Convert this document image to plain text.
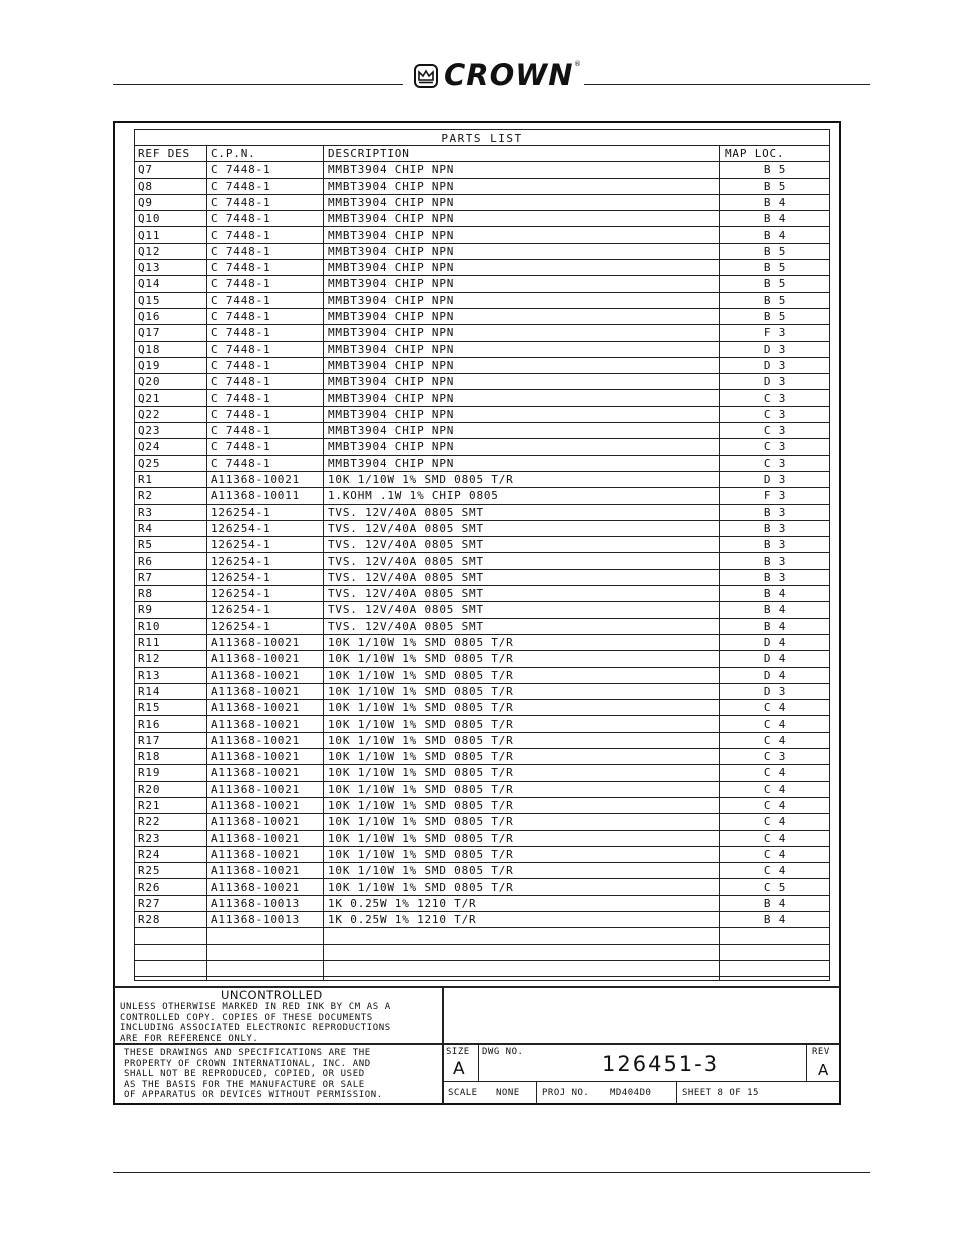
CROWN ®
PARTS LIST
REF DES	C.P.N.	DESCRIPTION	MAP LOC.
Q7	C 7448-1	MMBT3904 CHIP NPN	B 5
Q8	C 7448-1	MMBT3904 CHIP NPN	B 5
Q9	C 7448-1	MMBT3904 CHIP NPN	B 4
Q10	C 7448-1	MMBT3904 CHIP NPN	B 4
Q11	C 7448-1	MMBT3904 CHIP NPN	B 4
Q12	C 7448-1	MMBT3904 CHIP NPN	B 5
Q13	C 7448-1	MMBT3904 CHIP NPN	B 5
Q14	C 7448-1	MMBT3904 CHIP NPN	B 5
Q15	C 7448-1	MMBT3904 CHIP NPN	B 5
Q16	C 7448-1	MMBT3904 CHIP NPN	B 5
Q17	C 7448-1	MMBT3904 CHIP NPN	F 3
Q18	C 7448-1	MMBT3904 CHIP NPN	D 3
Q19	C 7448-1	MMBT3904 CHIP NPN	D 3
Q20	C 7448-1	MMBT3904 CHIP NPN	D 3
Q21	C 7448-1	MMBT3904 CHIP NPN	C 3
Q22	C 7448-1	MMBT3904 CHIP NPN	C 3
Q23	C 7448-1	MMBT3904 CHIP NPN	C 3
Q24	C 7448-1	MMBT3904 CHIP NPN	C 3
Q25	C 7448-1	MMBT3904 CHIP NPN	C 3
R1	A11368-10021	10K 1/10W 1% SMD 0805 T/R	D 3
R2	A11368-10011	1.KOHM .1W 1% CHIP 0805	F 3
R3	126254-1	TVS. 12V/40A 0805 SMT	B 3
R4	126254-1	TVS. 12V/40A 0805 SMT	B 3
R5	126254-1	TVS. 12V/40A 0805 SMT	B 3
R6	126254-1	TVS. 12V/40A 0805 SMT	B 3
R7	126254-1	TVS. 12V/40A 0805 SMT	B 3
R8	126254-1	TVS. 12V/40A 0805 SMT	B 4
R9	126254-1	TVS. 12V/40A 0805 SMT	B 4
R10	126254-1	TVS. 12V/40A 0805 SMT	B 4
R11	A11368-10021	10K 1/10W 1% SMD 0805 T/R	D 4
R12	A11368-10021	10K 1/10W 1% SMD 0805 T/R	D 4
R13	A11368-10021	10K 1/10W 1% SMD 0805 T/R	D 4
R14	A11368-10021	10K 1/10W 1% SMD 0805 T/R	D 3
R15	A11368-10021	10K 1/10W 1% SMD 0805 T/R	C 4
R16	A11368-10021	10K 1/10W 1% SMD 0805 T/R	C 4
R17	A11368-10021	10K 1/10W 1% SMD 0805 T/R	C 4
R18	A11368-10021	10K 1/10W 1% SMD 0805 T/R	C 3
R19	A11368-10021	10K 1/10W 1% SMD 0805 T/R	C 4
R20	A11368-10021	10K 1/10W 1% SMD 0805 T/R	C 4
R21	A11368-10021	10K 1/10W 1% SMD 0805 T/R	C 4
R22	A11368-10021	10K 1/10W 1% SMD 0805 T/R	C 4
R23	A11368-10021	10K 1/10W 1% SMD 0805 T/R	C 4
R24	A11368-10021	10K 1/10W 1% SMD 0805 T/R	C 4
R25	A11368-10021	10K 1/10W 1% SMD 0805 T/R	C 4
R26	A11368-10021	10K 1/10W 1% SMD 0805 T/R	C 5
R27	A11368-10013	1K 0.25W 1% 1210 T/R	B 4
R28	A11368-10013	1K 0.25W 1% 1210 T/R	B 4
UNCONTROLLED
UNLESS OTHERWISE MARKED IN RED INK BY CM AS A
CONTROLLED COPY. COPIES OF THESE DOCUMENTS
INCLUDING ASSOCIATED ELECTRONIC REPRODUCTIONS
ARE FOR REFERENCE ONLY.
THESE DRAWINGS AND SPECIFICATIONS ARE THE
PROPERTY OF CROWN INTERNATIONAL, INC. AND
SHALL NOT BE REPRODUCED, COPIED, OR USED
AS THE BASIS FOR THE MANUFACTURE OR SALE
OF APPARATUS OR DEVICES WITHOUT PERMISSION.
SIZE
A
DWG NO.	126451-3	REV
A
SCALE NONE PROJ NO. MD404D0	SHEET 8 OF 15
